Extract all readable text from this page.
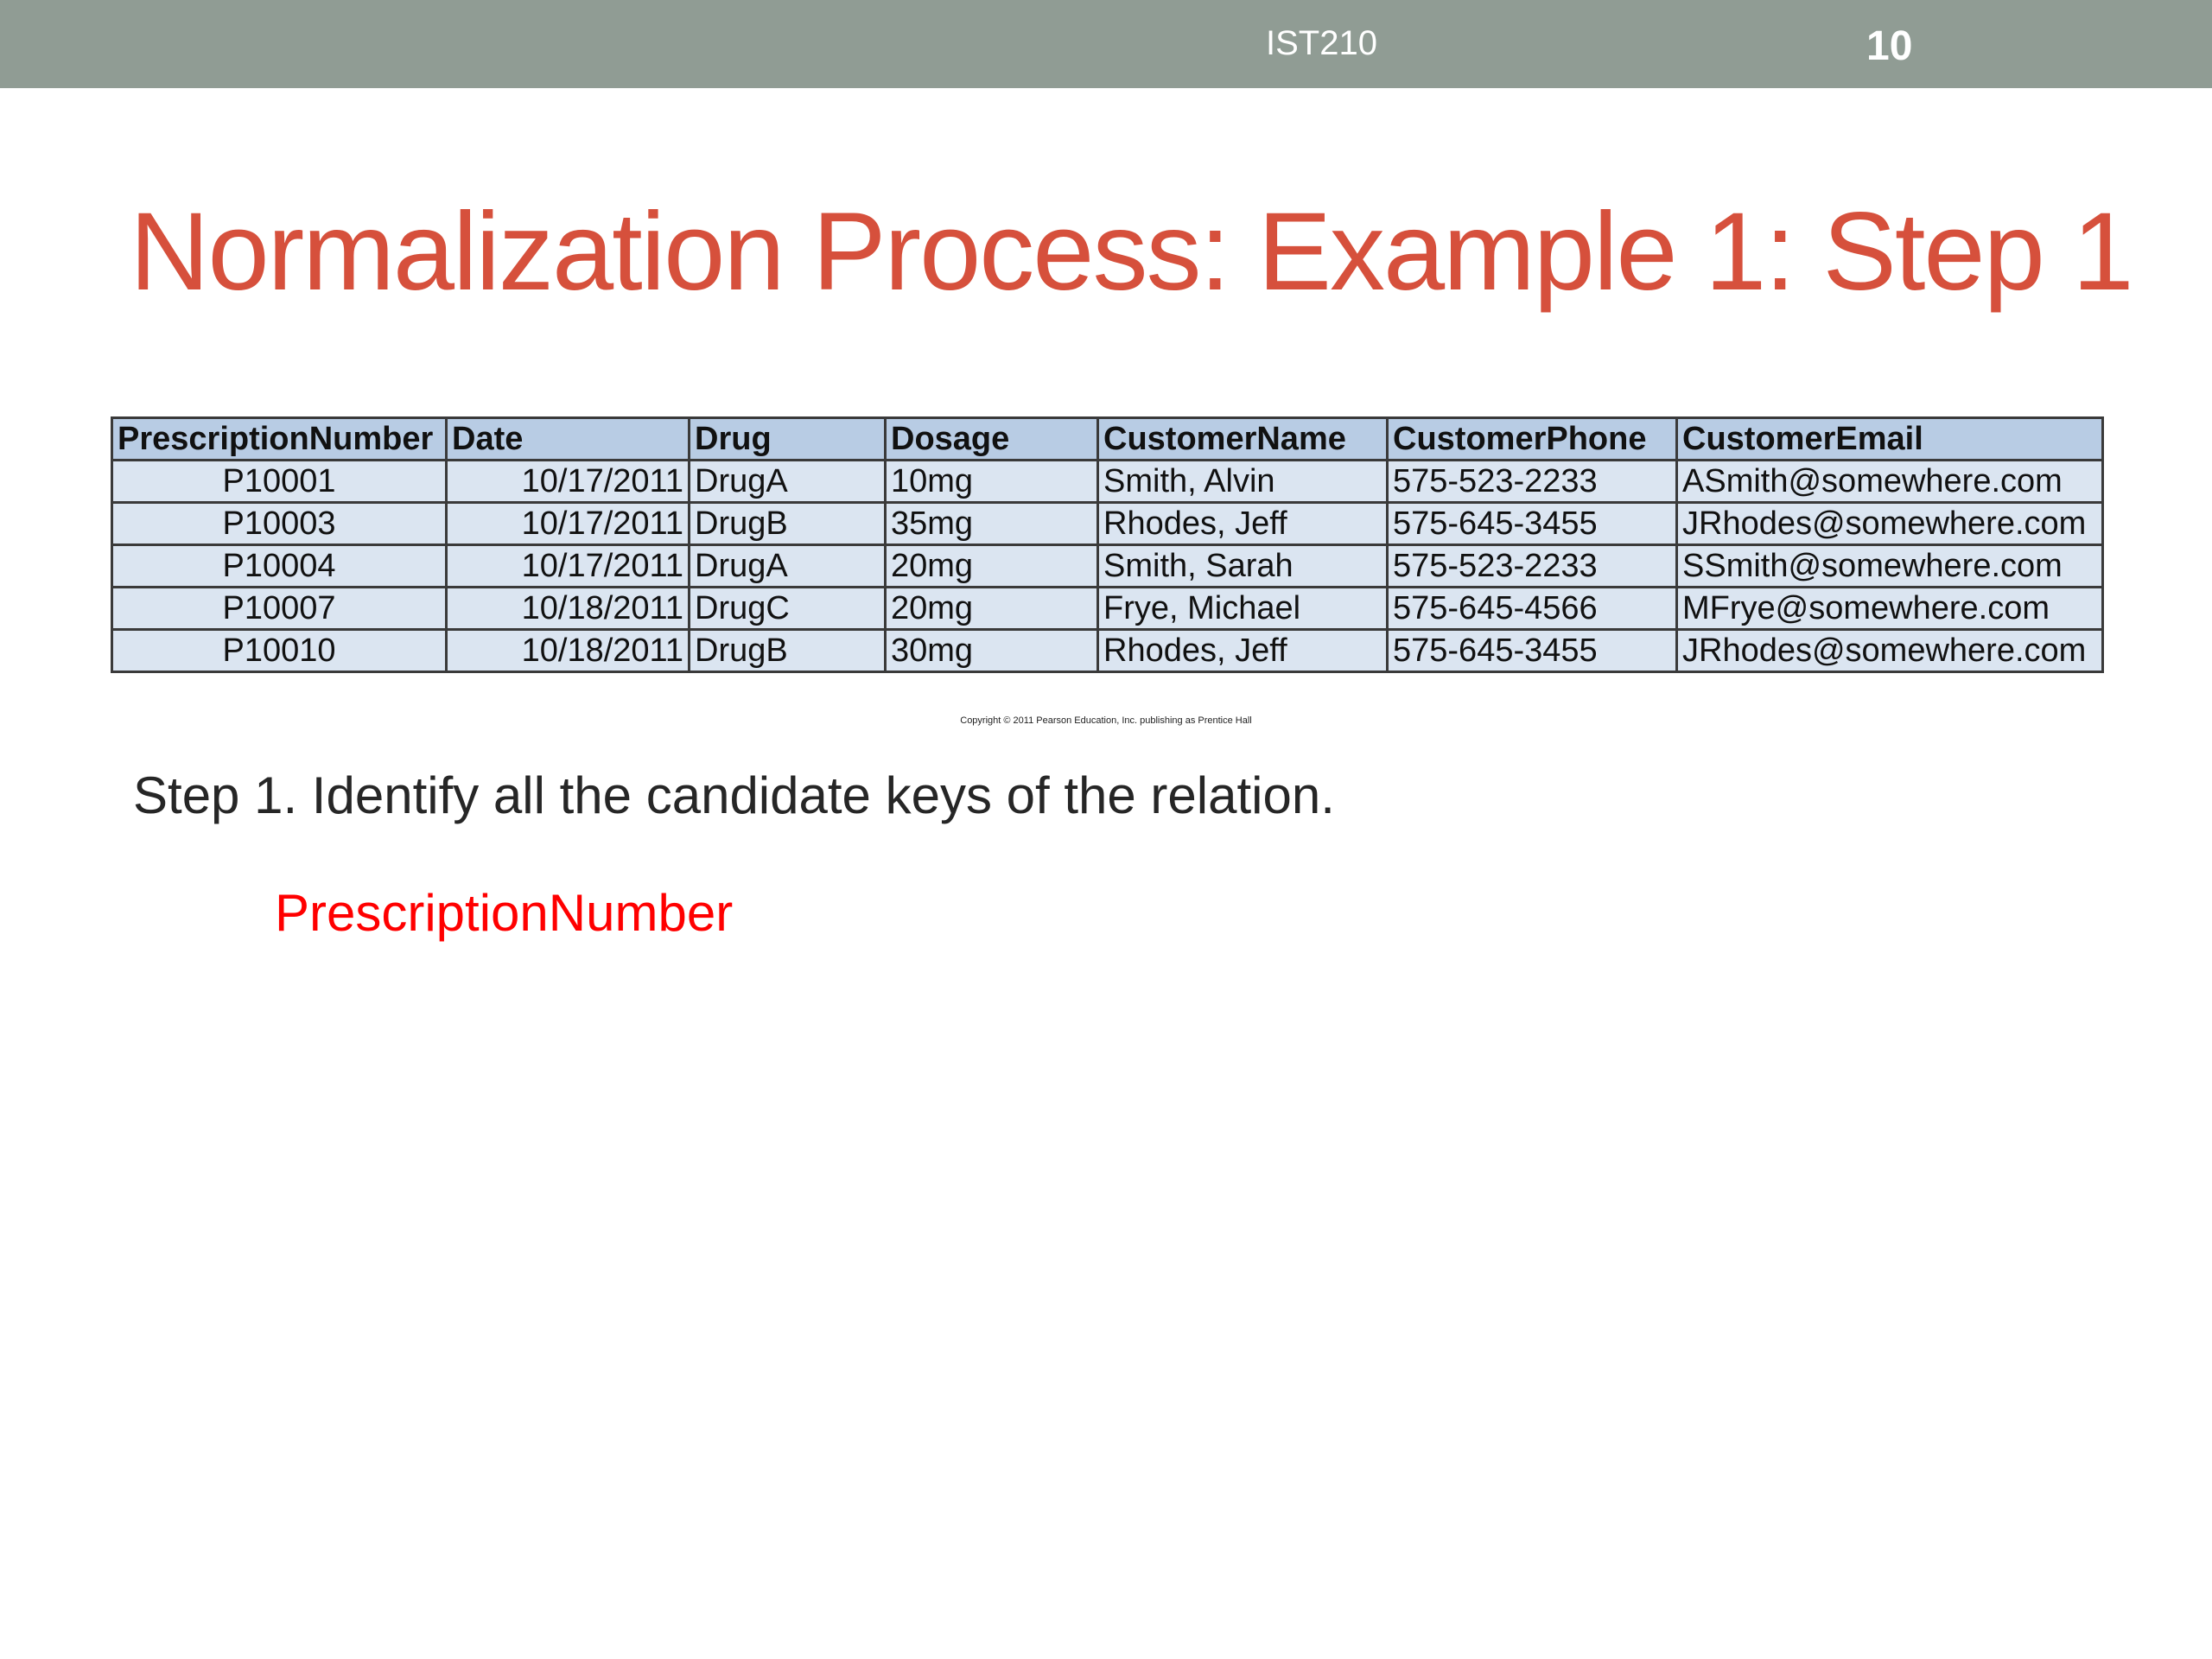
IST210	10
Normalization Process: Example 1: Step 1
PrescriptionNumber	Date	Drug	Dosage	CustomerName	CustomerPhone	CustomerEmail
P10001	10/17/2011	DrugA	10mg	Smith, Alvin	575-523-2233	ASmith@somewhere.com
P10003	10/17/2011	DrugB	35mg	Rhodes, Jeff	575-645-3455	JRhodes@somewhere.com
P10004	10/17/2011	DrugA	20mg	Smith, Sarah	575-523-2233	SSmith@somewhere.com
P10007	10/18/2011	DrugC	20mg	Frye, Michael	575-645-4566	MFrye@somewhere.com
P10010	10/18/2011	DrugB	30mg	Rhodes, Jeff	575-645-3455	JRhodes@somewhere.com
Copyright © 2011 Pearson Education, Inc. publishing as Prentice Hall
Step 1. Identify all the candidate keys of the relation.
PrescriptionNumber
